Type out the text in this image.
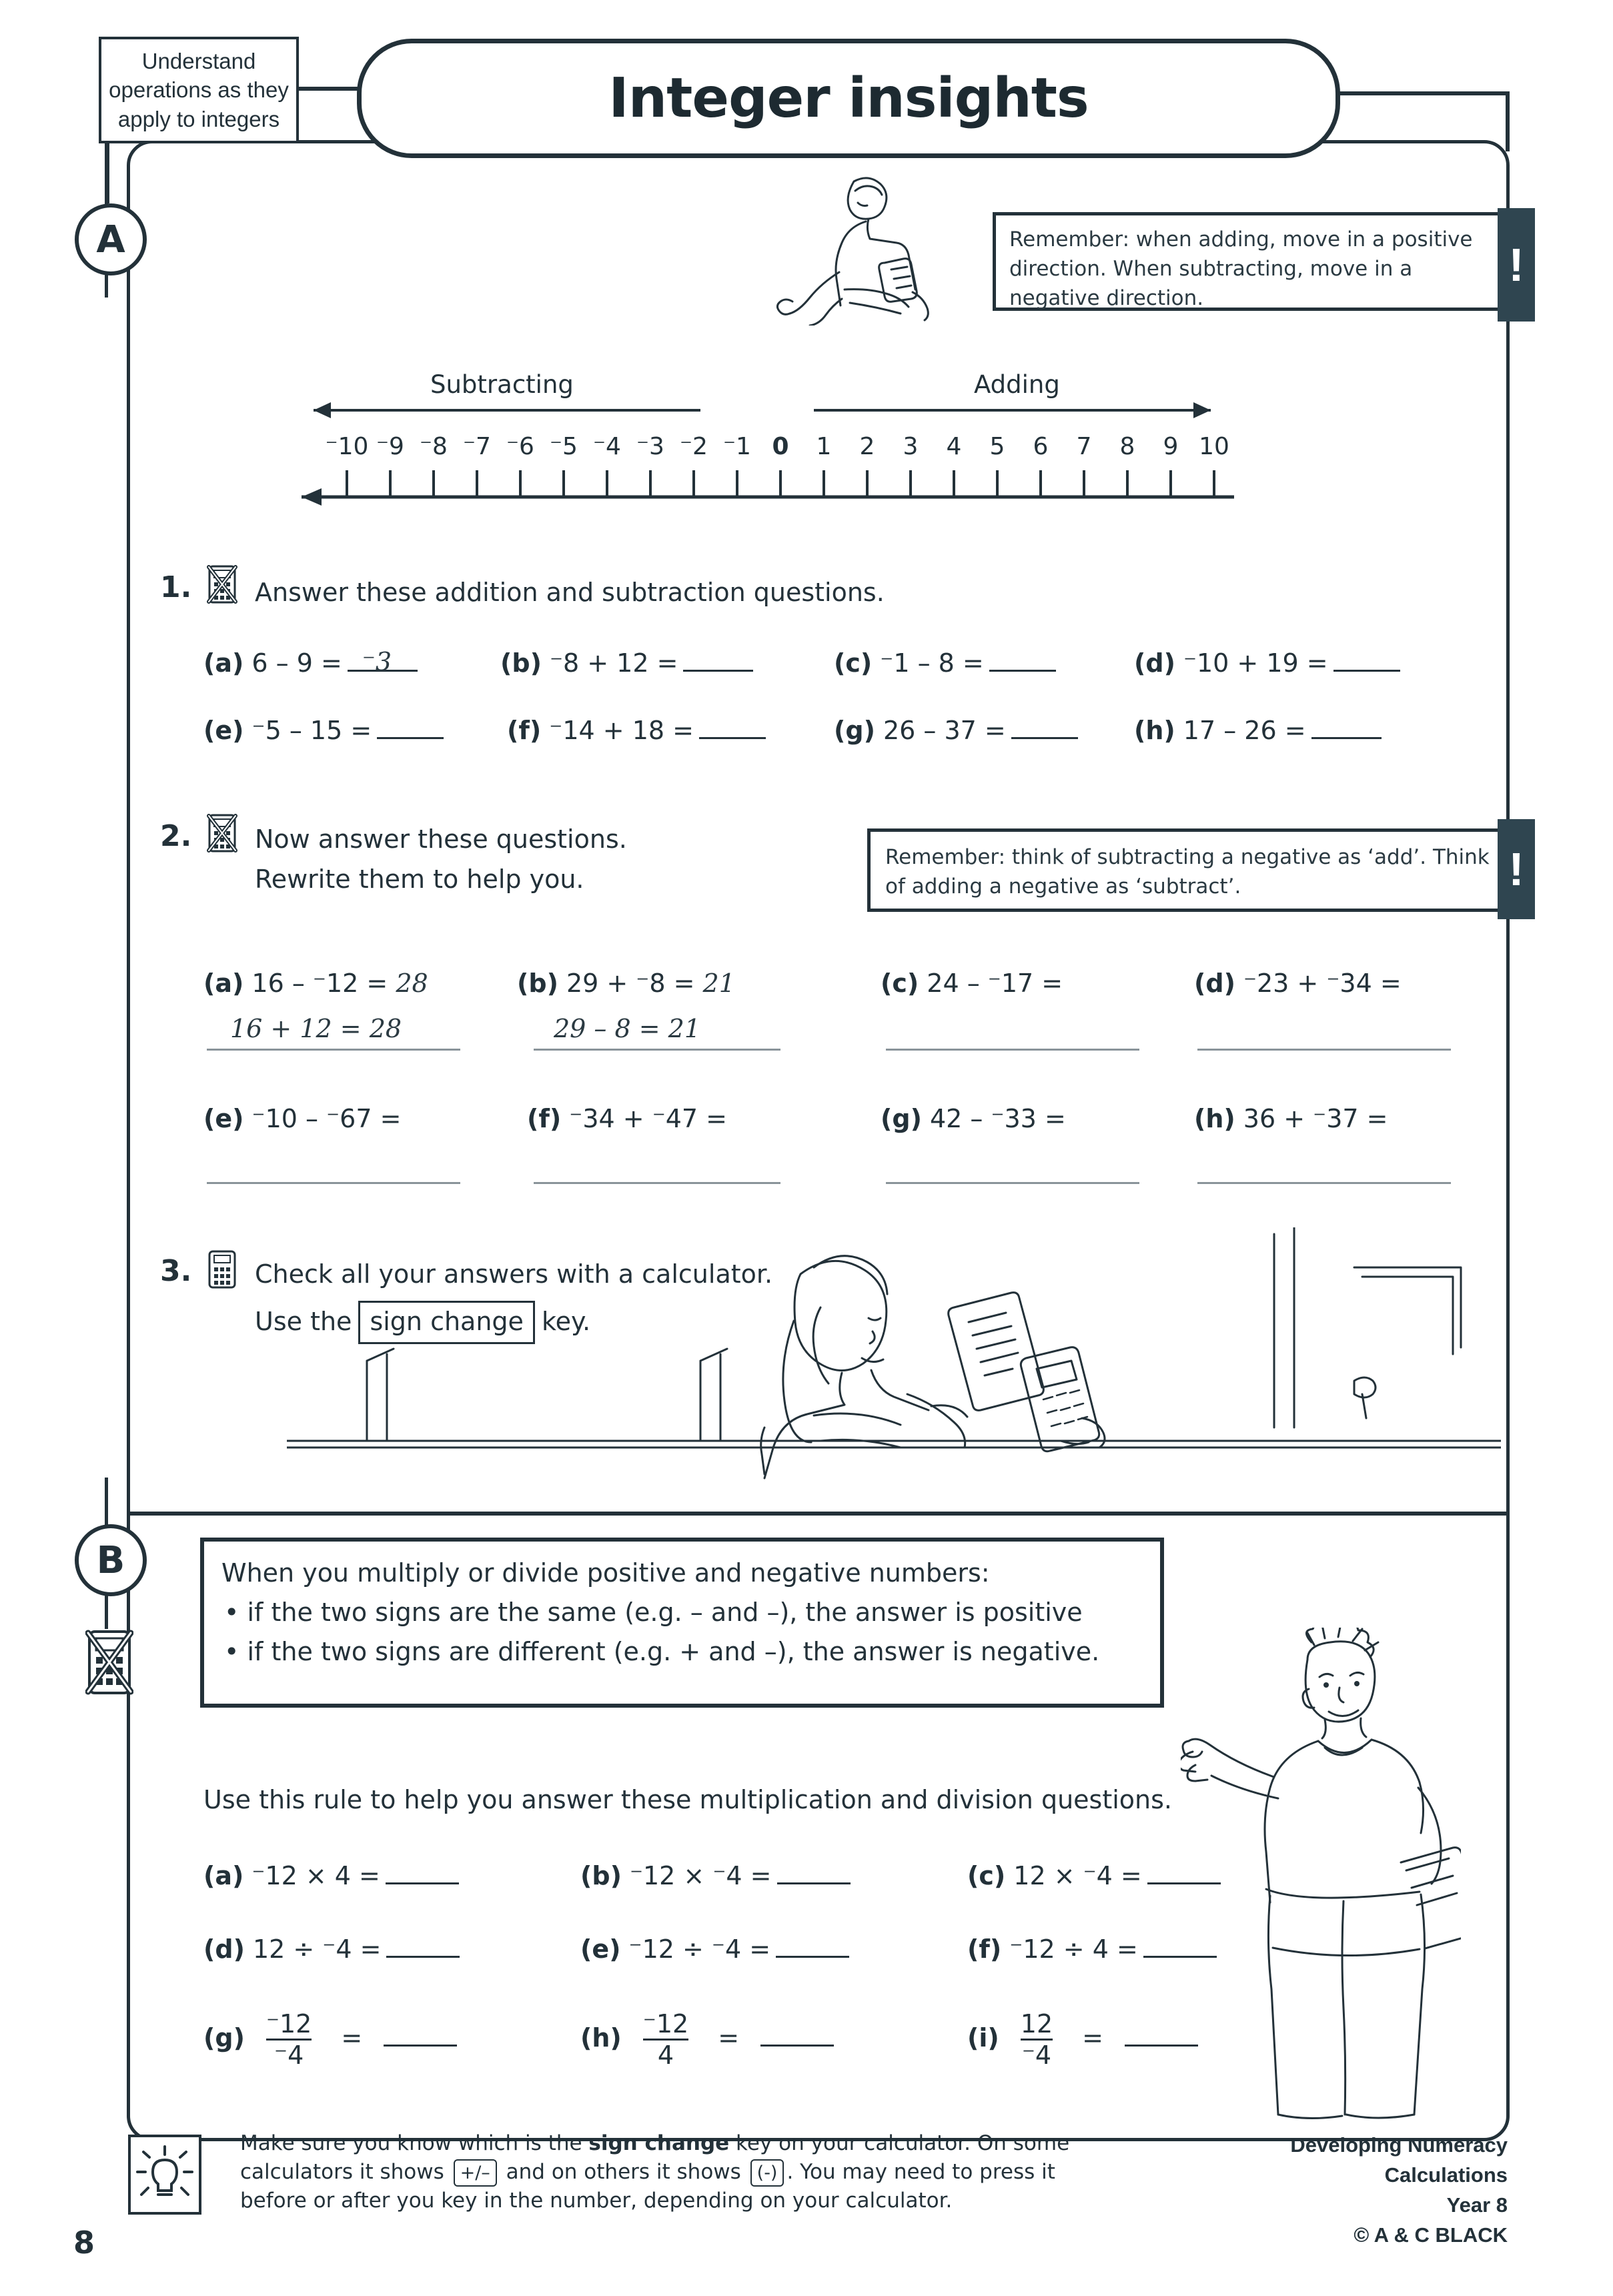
Understand operations as they apply to integers	Integer insights
A
B

Remember: when adding, move in a positive direction. When subtracting, move in a negative direction.

!
Subtracting	Adding
⁻10 ⁻9 ⁻8 ⁻7 ⁻6 ⁻5 ⁻4 ⁻3 ⁻2 ⁻1 0 1 2 3 4 5 6 7 8 9 10
1. Answer these addition and subtraction questions.
(a) 6 – 9 = ⁻3	(b) ⁻8 + 12 =	(c) ⁻1 – 8 =	(d) ⁻10 + 19 =
(e) ⁻5 – 15 =	(f) ⁻14 + 18 =	(g) 26 – 37 =	(h) 17 – 26 =
2. Now answer these questions.
Rewrite them to help you.

Remember: think of subtracting a negative as ‘add’. Think of adding a negative as ‘subtract’.	!
(a) 16 – ⁻12 = 28
16 + 12 = 28
(b) 29 + ⁻8 = 21
29 – 8 = 21
(c) 24 – ⁻17 =	(d) ⁻23 + ⁻34 =
(e) ⁻10 – ⁻67 =	(f) ⁻34 + ⁻47 =	(g) 42 – ⁻33 =	(h) 36 + ⁻37 =
3. Check all your answers with a calculator.
Use the sign change key.
When you multiply or divide positive and negative numbers:
• if the two signs are the same (e.g. – and –), the answer is positive
• if the two signs are different (e.g. + and –), the answer is negative.
Use this rule to help you answer these multiplication and division questions.
(a) ⁻12 × 4 =	(b) ⁻12 × ⁻4 =	(c) 12 × ⁻4 =
(d) 12 ÷ ⁻4 =	(e) ⁻12 ÷ ⁻4 =	(f) ⁻12 ÷ 4 =
$(g) \frac{^-12}{^-4}$ =	$(h) \frac{^-12}{4}$ =	$(i) \frac{12}{^-4}$ =
Make sure you know which is the sign change key on your calculator. On some calculators it shows +/– and on others it shows (-) . You may need to press it before or after you key in the number, depending on your calculator.
Developing Numeracy
Calculations
Year 8
© A & C BLACK
8
